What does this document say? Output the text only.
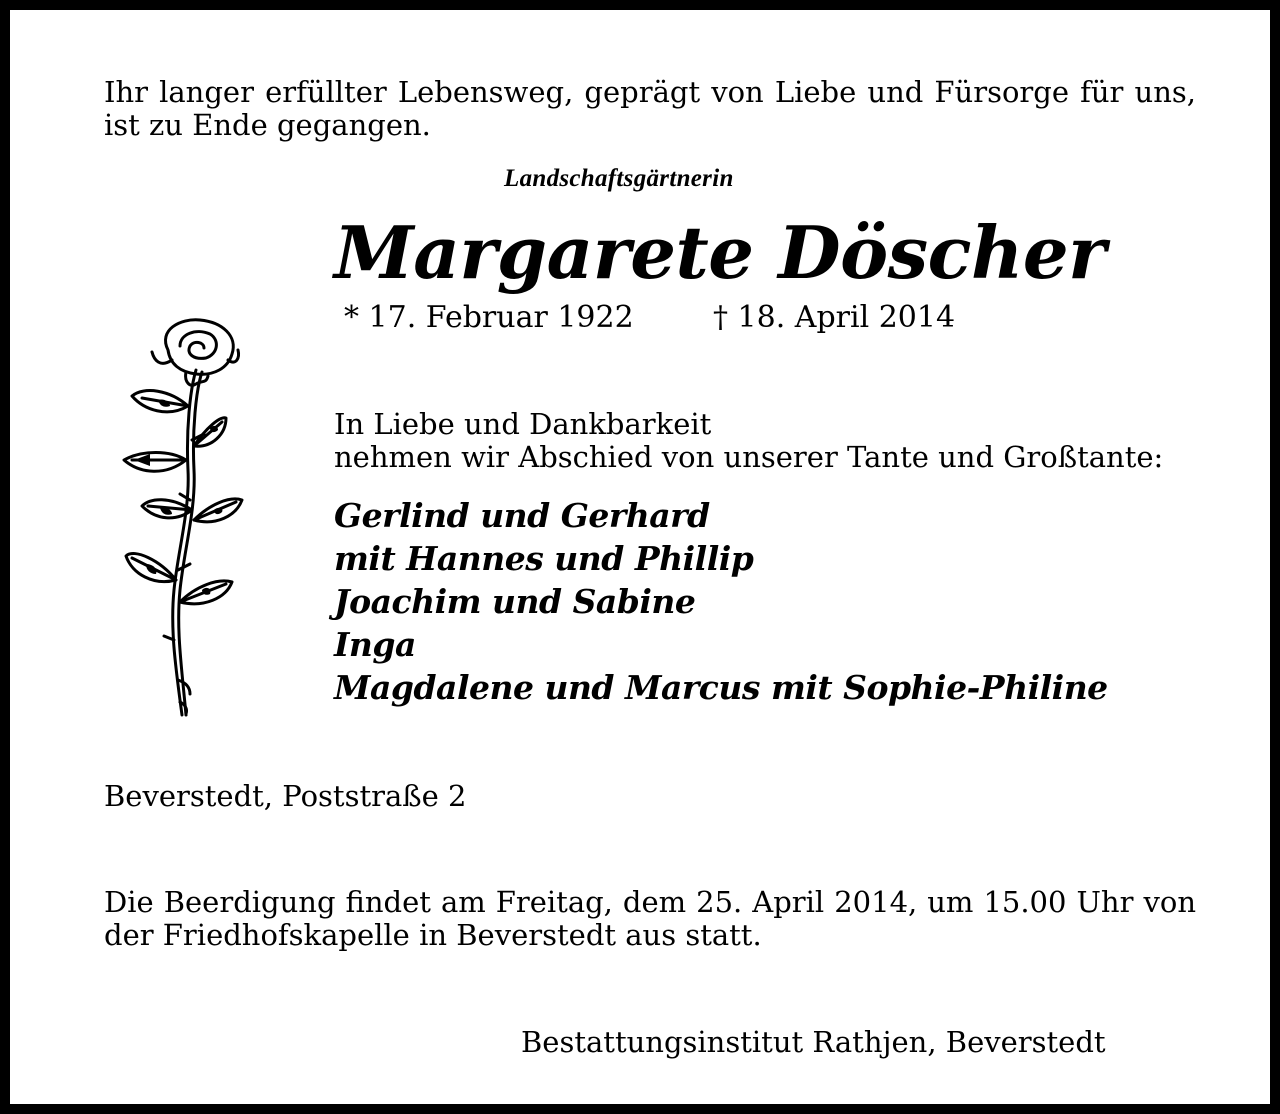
Ihr langer erfüllter Lebensweg, geprägt von Liebe und Fürsorge für uns, ist zu Ende gegangen.

Landschaftsgärtnerin

Margarete Döscher

* 17. Februar 1922	† 18. April 2014

In Liebe und Dankbarkeit
nehmen wir Abschied von unserer Tante und Großtante:

Gerlind und Gerhard

mit Hannes und Phillip

Joachim und Sabine

Inga

Magdalene und Marcus mit Sophie-Philine

Beverstedt, Poststraße 2

Die Beerdigung findet am Freitag, dem 25. April 2014, um 15.00 Uhr von der Friedhofskapelle in Beverstedt aus statt.

Bestattungsinstitut Rathjen, Beverstedt
